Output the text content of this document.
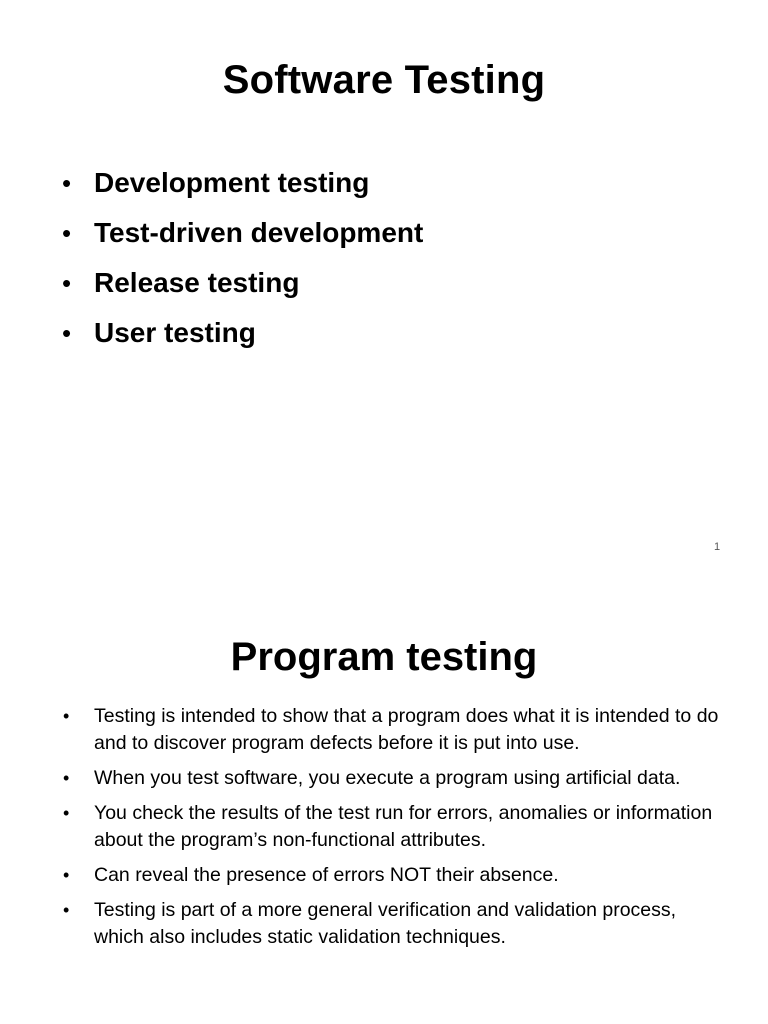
Software Testing
• Development testing
• Test-driven development
• Release testing
• User testing
1
Program testing
• Testing is intended to show that a program does what it is intended to do and to discover program defects before it is put into use.
• When you test software, you execute a program using artificial data.
• You check the results of the test run for errors, anomalies or information about the program’s non-functional attributes.
• Can reveal the presence of errors NOT their absence.
• Testing is part of a more general verification and validation process, which also includes static validation techniques.
